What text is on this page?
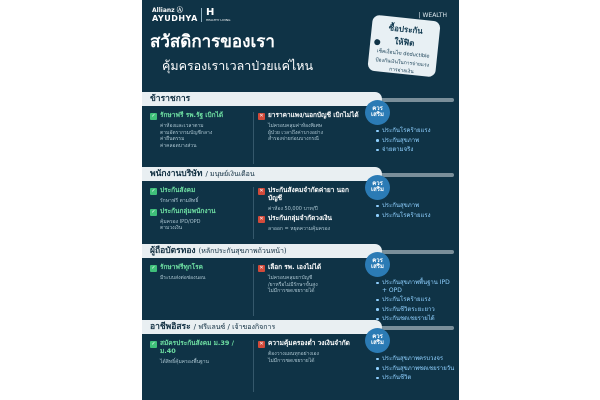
Allianz Ⓐ
AYUDHYA
H
HEALTHY LIVING
| WEALTH
สวัสดิการของเรา
คุ้มครองเราเวลาป่วยแค่ไหน
ซื้อประกัน
ให้ฟิต
เช็คเงื่อนไข deductible
ป้องกันเงินในการจ่ายแรง
การจ่ายเงิน
ข้าราชการ
✓ รักษาฟรี รพ.รัฐ เบิกได้
ค่าห้องและเวลาตาม
ตามอัตรากรมบัญชีกลาง
ค่ายืนตรรม
ค่าคลอดบางส่วน
✕ ยาราคาแพง/นอกบัญชี เบิกไม่ได้
ไม่ครอบคลุมค่าห้องพิเศษ
ผู้ป่วย เวลาถึงค่าบางอย่าง
สำรองจ่ายก่อนบางกรณี
ควร
เสริม
ประกันโรคร้ายแรง
ประกันสุขภาพ
จ่ายตามจริง
พนักงานบริษัท / มนุษย์เงินเดือน
✓ ประกันสังคม
รักษาฟรี ตามสิทธิ์
✓ ประกันกลุ่มพนักงาน
คุ้มครอง IPD/OPD
ตามวงเงิน
✕ ประกันสังคมจำกัดค่ายา นอกบัญชี
ค่าห้อง 50,000 บาท/ปี
✕ ประกันกลุ่มจำกัดวงเงิน
ลาออก = หยุดความคุ้มครอง
ควร
เสริม
ประกันสุขภาพ
ประกันโรคร้ายแรง
ผู้ถือบัตรทอง (หลักประกันสุขภาพถ้วนหน้า)
✓ รักษาฟรีทุกโรค
มีระบบส่งต่อช่องนอน
✕ เลือก รพ. เองไม่ได้
ไม่ครอบคลุมยาบัญชี
/ยาหรือไม่มีรักษาขั้นสูง
ไม่มีการชดเชยรายได้
ควร
เสริม
ประกันสุขภาพพื้นฐาน IPD + OPD
ประกันโรคร้ายแรง
ประกันชีวิตระยะยาว
ประกันชดเชยรายได้
อาชีพอิสระ / ฟรีแลนซ์ / เจ้าของกิจการ
✓ สมัครประกันสังคม ม.39 / ม.40
ได้สิทธิ์คุ้มครองพื้นฐาน
✕ ความคุ้มครองต่ำ วงเงินจำกัด
ต้องวางแผนทุกอย่างเอง
ไม่มีการชดเชยรายได้
ควร
เสริม
ประกันสุขภาพครบวงจร
ประกันสุขภาพชดเชยรายวัน
ประกันชีวิต
